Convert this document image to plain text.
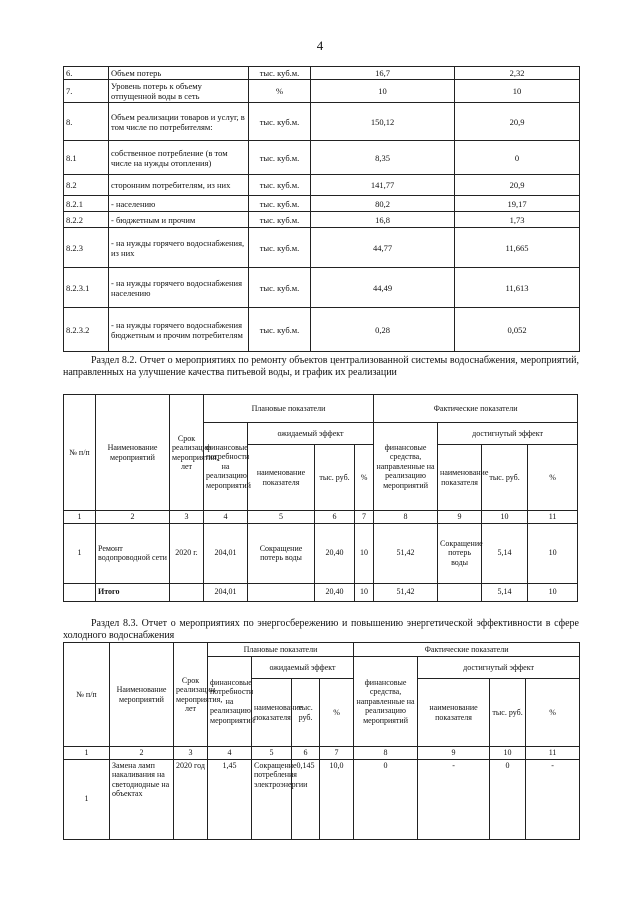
4
6.	Объем потерь	тыс. куб.м.	16,7	2,32
7.	Уровень потерь к объему отпущенной воды в сеть	%	10	10
8.	Объем реализации товаров и услуг, в том числе по потребителям:	тыс. куб.м.	150,12	20,9
8.1	собственное потребление (в том числе на нужды отопления)	тыс. куб.м.	8,35	0
8.2	сторонним потребителям, из них	тыс. куб.м.	141,77	20,9
8.2.1	- населению	тыс. куб.м.	80,2	19,17
8.2.2	- бюджетным и прочим	тыс. куб.м.	16,8	1,73
8.2.3	- на нужды горячего водоснабжения, из них	тыс. куб.м.	44,77	11,665
8.2.3.1	- на нужды горячего водоснабжения населению	тыс. куб.м.	44,49	11,613
8.2.3.2	- на нужды горячего водоснабжения бюджетным и прочим потребителям	тыс. куб.м.	0,28	0,052

Раздел 8.2. Отчет о мероприятиях по ремонту объектов централизованной системы водоснабжения, мероприятий, направленных на улучшение качества питьевой воды, и график их реализации

№ п/п	Наименование мероприятий	Срок реализации мероприятия, лет	Плановые показатели				Фактические показатели			
			финансовые потребности на реализацию мероприятий	ожидаемый эффект			финансовые средства, направленные на реализацию мероприятий	достигнутый эффект		
				наименование показателя	тыс. руб.	%		наименование показателя	тыс. руб.	%
1	2	3	4	5	6	7	8	9	10	11
1	Ремонт водопроводной сети	2020 г.	204,01	Сокращение потерь воды	20,40	10	51,42	Сокращение потерь воды	5,14	10
	Итого		204,01		20,40	10	51,42		5,14	10

Раздел 8.3. Отчет о мероприятиях по энергосбережению и повышению энергетической эффективности в сфере холодного водоснабжения

№ п/п	Наименование мероприятий	Срок реализации мероприятия, лет	Плановые показатели				Фактические показатели			
			финансовые потребности на реализацию мероприятий	ожидаемый эффект			финансовые средства, направленные на реализацию мероприятий	достигнутый эффект		
				наименование показателя	тыс. руб.	%		наименование показателя	тыс. руб.	%
1	2	3	4	5	6	7	8	9	10	11
1	Замена ламп накаливания на светодиодные на объектах	2020 год	1,45	Сокращение потребления электроэнергии	0,145	10,0	0	-	0	-
